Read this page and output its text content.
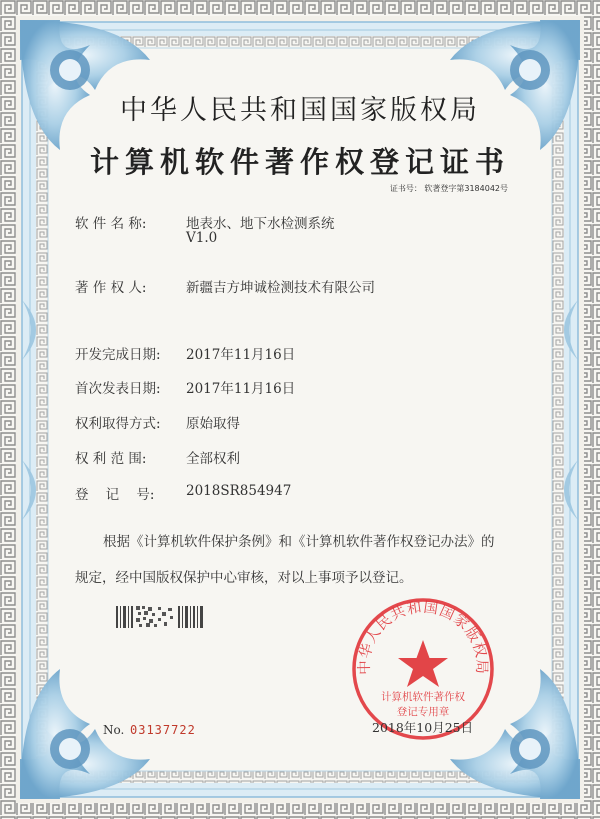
中华人民共和国国家版权局
计算机软件著作权登记证书
证书号： 软著登字第3184042号
软 件 名 称:	地表水、地下水检测系统
V1.0
著 作 权 人:	新疆吉方坤诚检测技术有限公司
开发完成日期: 2017年11月16日
首次发表日期: 2017年11月16日
权利取得方式: 原始取得
权 利 范 围:	全部权利
登    记    号: 2018SR854947
根据《计算机软件保护条例》和《计算机软件著作权登记办法》的
规定，经中国版权保护中心审核，对以上事项予以登记。
中华人民共和国国家版权局
计算机软件著作权
登记专用章
No. 03137722	2018年10月25日
